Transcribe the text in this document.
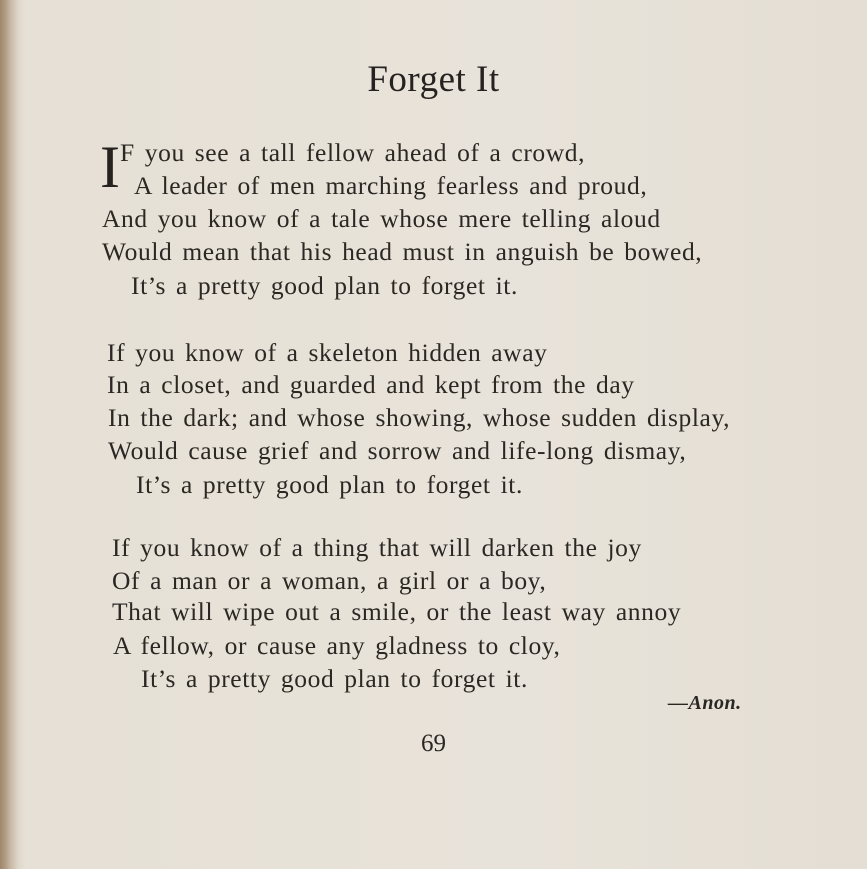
Forget It
I F you see a tall fellow ahead of a crowd,
A leader of men marching fearless and proud,
And you know of a tale whose mere telling aloud
Would mean that his head must in anguish be bowed,
It’s a pretty good plan to forget it.
If you know of a skeleton hidden away
In a closet, and guarded and kept from the day
In the dark; and whose showing, whose sudden display,
Would cause grief and sorrow and life-long dismay,
It’s a pretty good plan to forget it.
If you know of a thing that will darken the joy
Of a man or a woman, a girl or a boy,
That will wipe out a smile, or the least way annoy
A fellow, or cause any gladness to cloy,
It’s a pretty good plan to forget it.
—Anon.
69
